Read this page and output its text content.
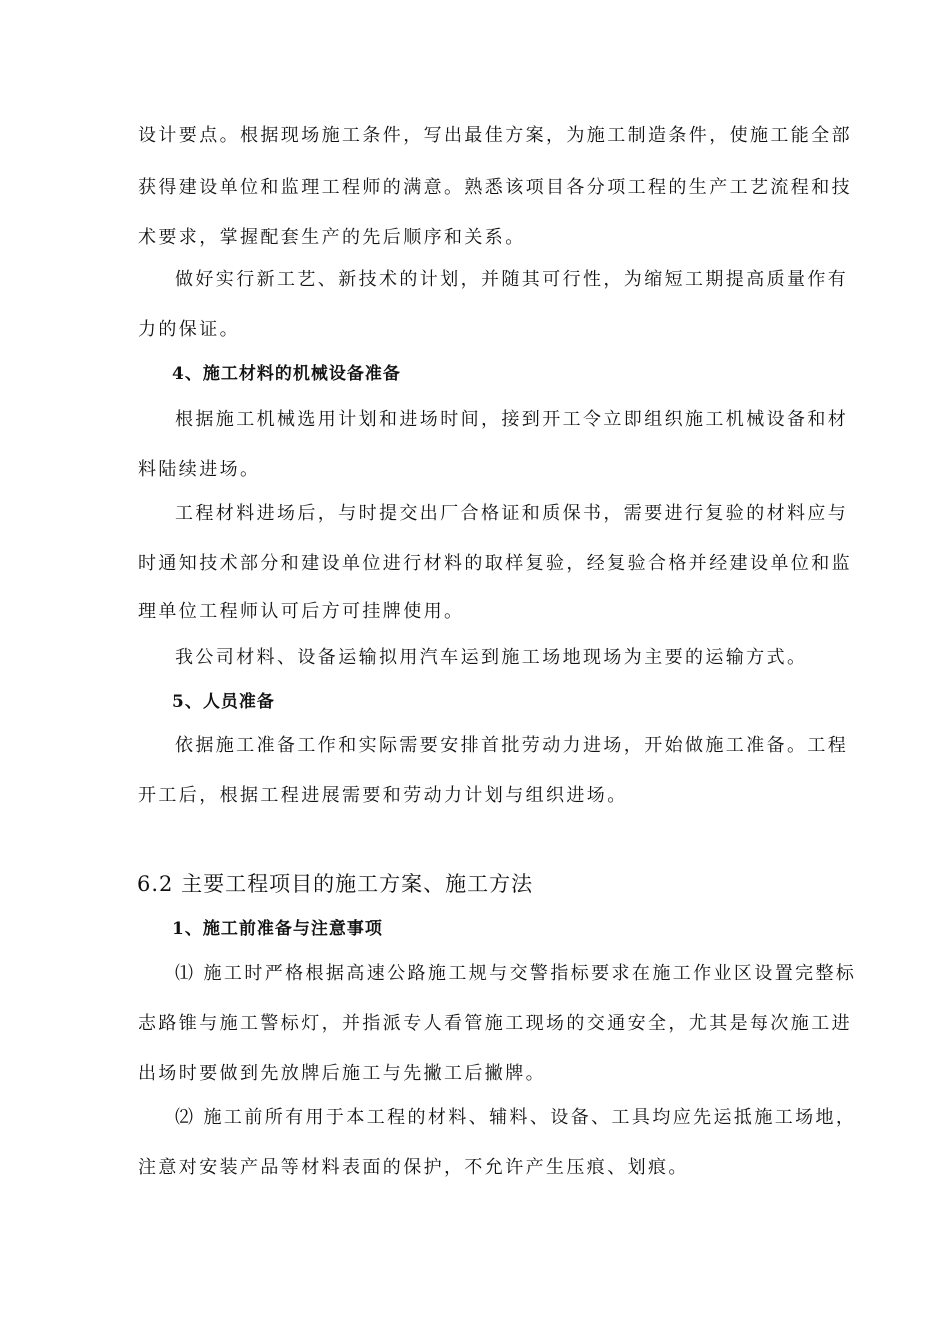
设计要点。根据现场施工条件，写出最佳方案，为施工制造条件，使施工能全部
获得建设单位和监理工程师的满意。熟悉该项目各分项工程的生产工艺流程和技
术要求，掌握配套生产的先后顺序和关系。
做好实行新工艺、新技术的计划，并随其可行性，为缩短工期提高质量作有
力的保证。
4、施工材料的机械设备准备
根据施工机械选用计划和进场时间，接到开工令立即组织施工机械设备和材
料陆续进场。
工程材料进场后，与时提交出厂合格证和质保书，需要进行复验的材料应与
时通知技术部分和建设单位进行材料的取样复验，经复验合格并经建设单位和监
理单位工程师认可后方可挂牌使用。
我公司材料、设备运输拟用汽车运到施工场地现场为主要的运输方式。
5、人员准备
依据施工准备工作和实际需要安排首批劳动力进场，开始做施工准备。工程
开工后，根据工程进展需要和劳动力计划与组织进场。
6.2 主要工程项目的施工方案、施工方法
1、施工前准备与注意事项
⑴ 施工时严格根据高速公路施工规与交警指标要求在施工作业区设置完整标
志路锥与施工警标灯，并指派专人看管施工现场的交通安全，尤其是每次施工进
出场时要做到先放牌后施工与先撇工后撇牌。
⑵ 施工前所有用于本工程的材料、辅料、设备、工具均应先运抵施工场地，
注意对安装产品等材料表面的保护，不允许产生压痕、划痕。
